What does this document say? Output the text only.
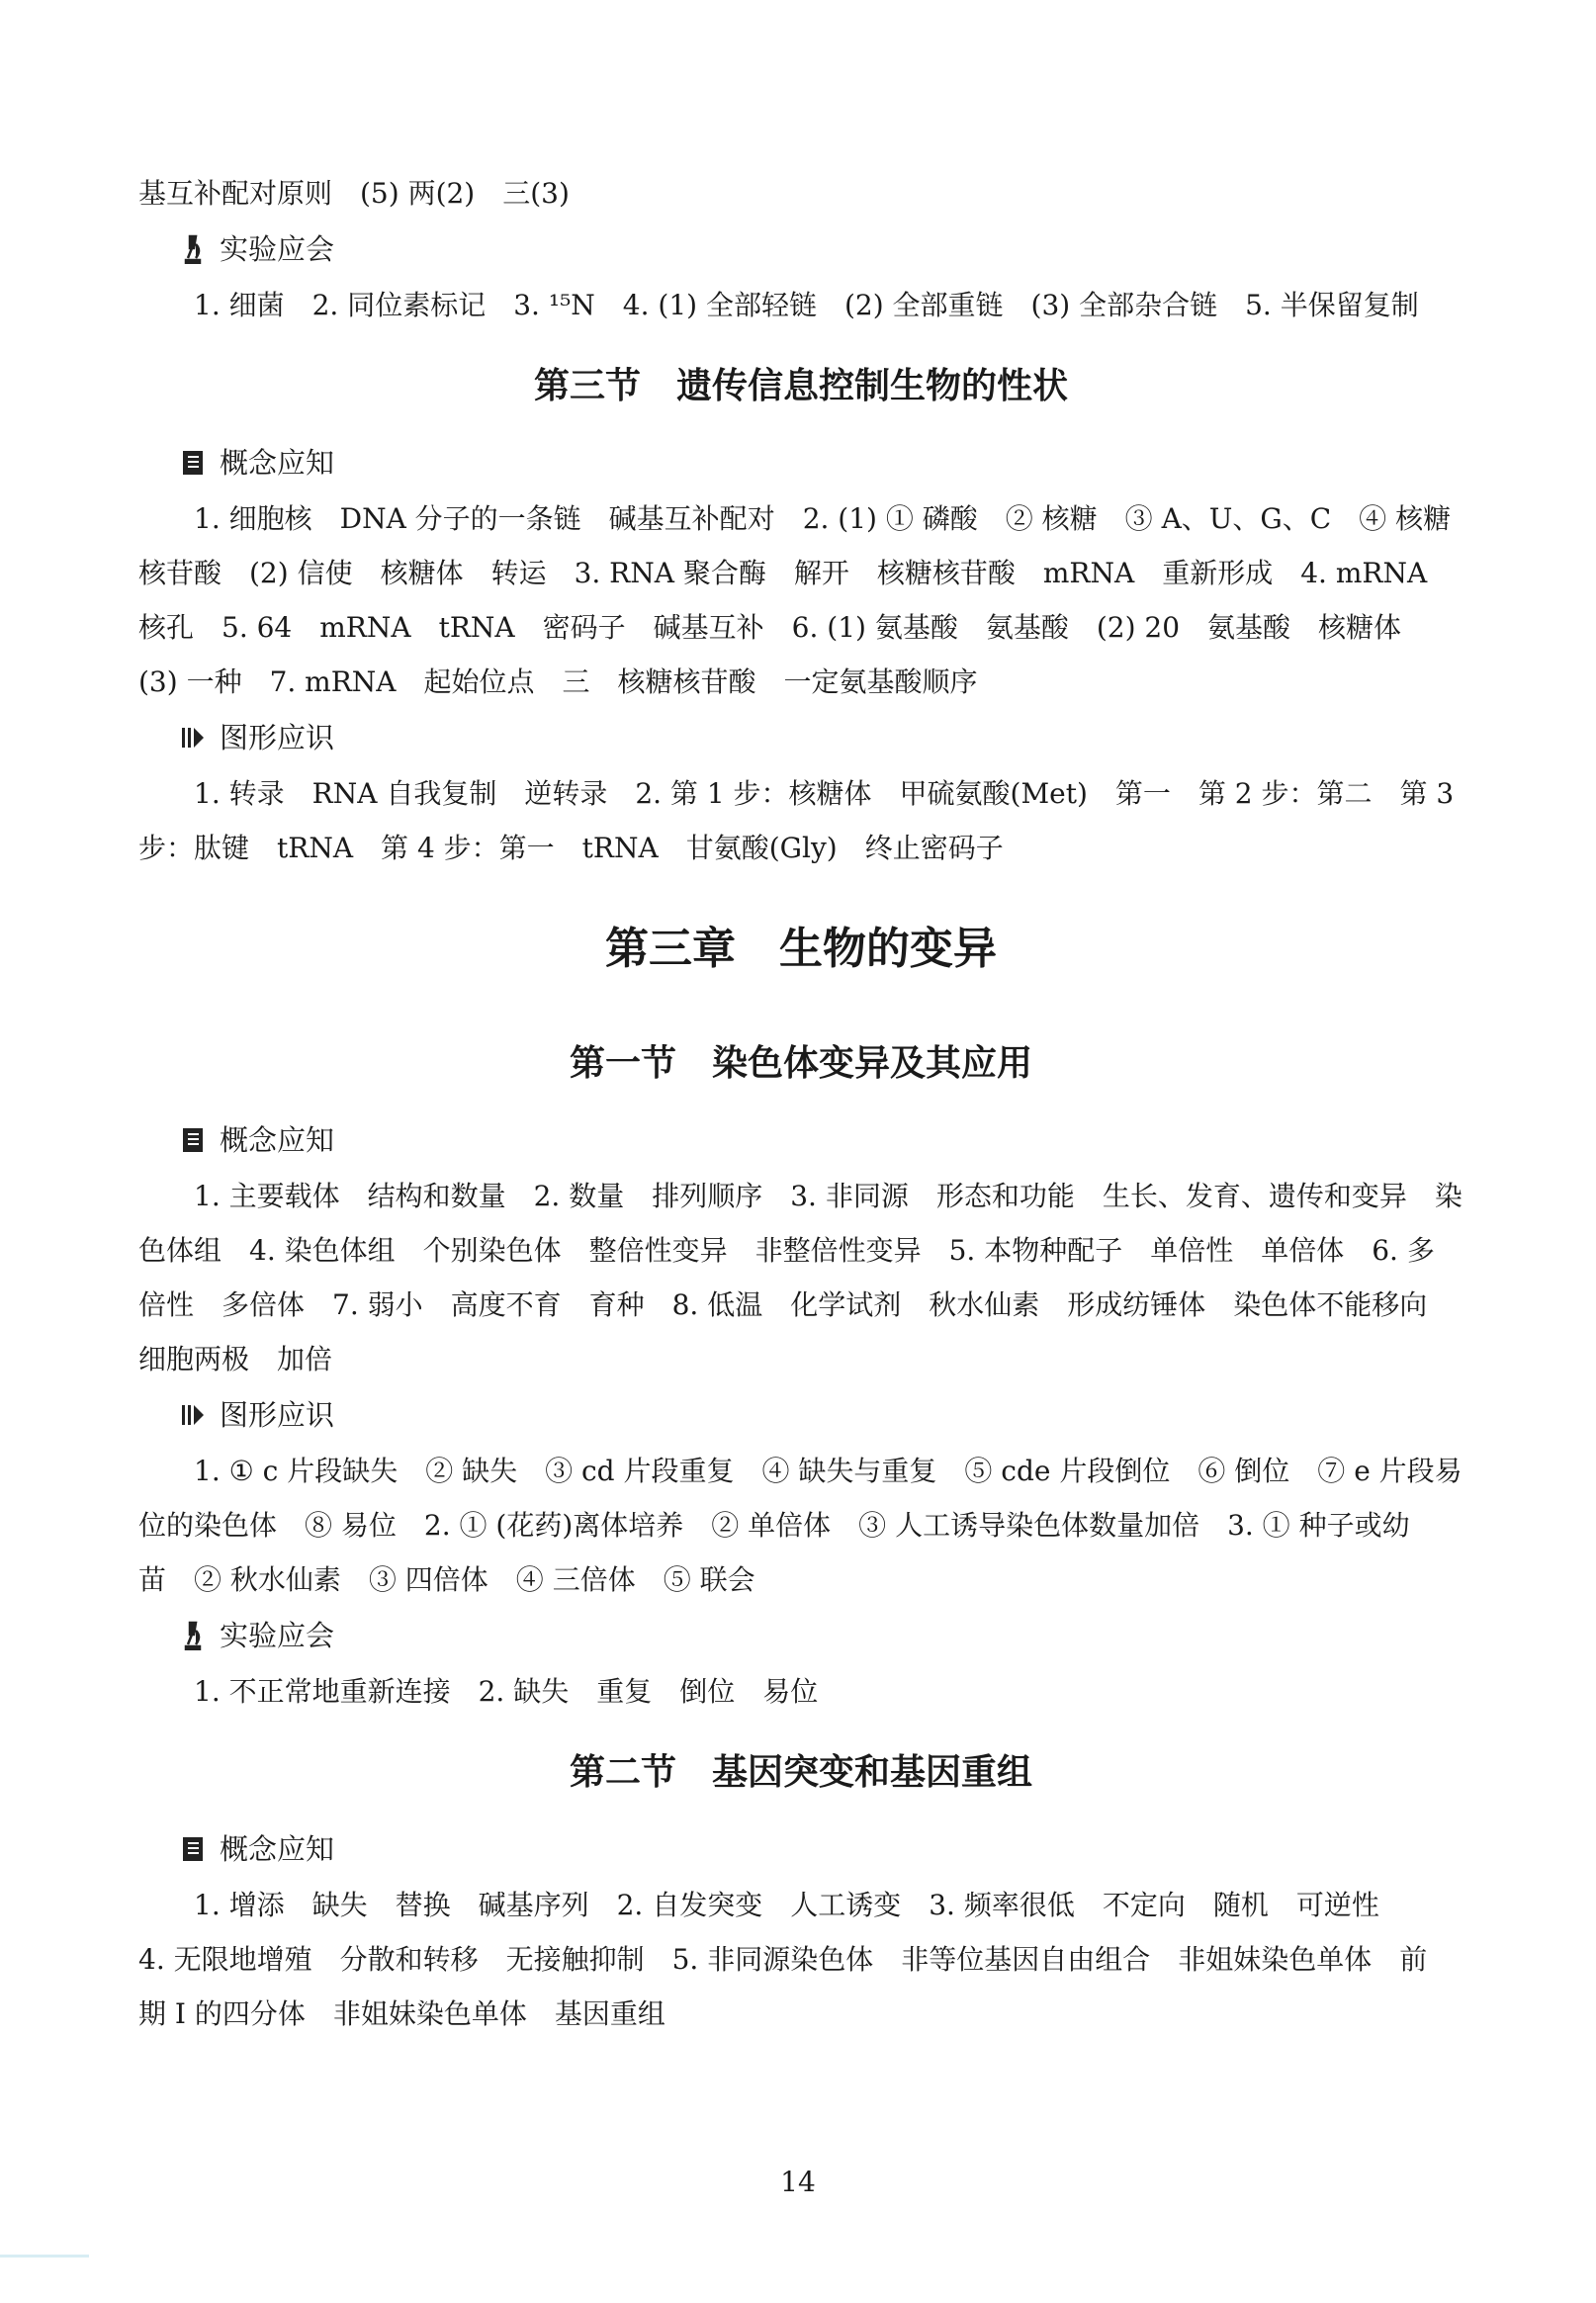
基互补配对原则　(5) 两(2)　三(3)

实验应会

1. 细菌　2. 同位素标记　3. ¹⁵N　4. (1) 全部轻链　(2) 全部重链　(3) 全部杂合链　5. 半保留复制

第三节　遗传信息控制生物的性状

概念应知

1. 细胞核　DNA 分子的一条链　碱基互补配对　2. (1) ① 磷酸　② 核糖　③ A、U、G、C　④ 核糖

核苷酸　(2) 信使　核糖体　转运　3. RNA 聚合酶　解开　核糖核苷酸　mRNA　重新形成　4. mRNA

核孔　5. 64　mRNA　tRNA　密码子　碱基互补　6. (1) 氨基酸　氨基酸　(2) 20　氨基酸　核糖体

(3) 一种　7. mRNA　起始位点　三　核糖核苷酸　一定氨基酸顺序

图形应识

1. 转录　RNA 自我复制　逆转录　2. 第 1 步：核糖体　甲硫氨酸(Met)　第一　第 2 步：第二　第 3

步：肽键　tRNA　第 4 步：第一　tRNA　甘氨酸(Gly)　终止密码子

第三章　生物的变异

第一节　染色体变异及其应用

概念应知

1. 主要载体　结构和数量　2. 数量　排列顺序　3. 非同源　形态和功能　生长、发育、遗传和变异　染

色体组　4. 染色体组　个别染色体　整倍性变异　非整倍性变异　5. 本物种配子　单倍性　单倍体　6. 多

倍性　多倍体　7. 弱小　高度不育　育种　8. 低温　化学试剂　秋水仙素　形成纺锤体　染色体不能移向

细胞两极　加倍

图形应识

1. ① c 片段缺失　② 缺失　③ cd 片段重复　④ 缺失与重复　⑤ cde 片段倒位　⑥ 倒位　⑦ e 片段易

位的染色体　⑧ 易位　2. ① (花药)离体培养　② 单倍体　③ 人工诱导染色体数量加倍　3. ① 种子或幼

苗　② 秋水仙素　③ 四倍体　④ 三倍体　⑤ 联会

实验应会

1. 不正常地重新连接　2. 缺失　重复　倒位　易位

第二节　基因突变和基因重组

概念应知

1. 增添　缺失　替换　碱基序列　2. 自发突变　人工诱变　3. 频率很低　不定向　随机　可逆性

4. 无限地增殖　分散和转移　无接触抑制　5. 非同源染色体　非等位基因自由组合　非姐妹染色单体　前

期 Ⅰ 的四分体　非姐妹染色单体　基因重组

14
